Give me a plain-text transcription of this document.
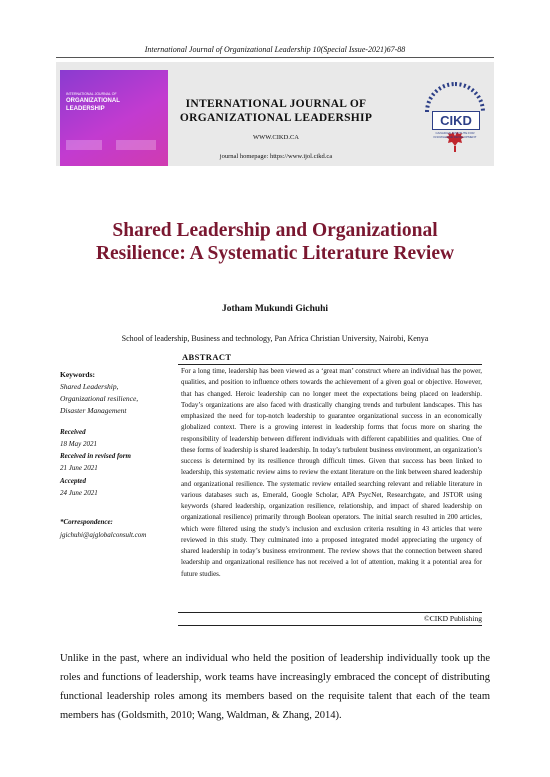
International Journal of Organizational Leadership 10(Special Issue-2021)67-88
INTERNATIONAL JOURNAL OF
ORGANIZATIONAL
LEADERSHIP	INTERNATIONAL JOURNAL OF
ORGANIZATIONAL LEADERSHIP
WWW.CIKD.CA
journal homepage: https://www.ijol.cikd.ca
CIKD
CANADIAN INSTITUTE FOR KNOWLEDGE DEVELOPMENT
Shared Leadership and Organizational
Resilience: A Systematic Literature Review
Jotham Mukundi Gichuhi
School of leadership, Business and technology, Pan Africa Christian University, Nairobi, Kenya
ABSTRACT
Keywords:
Shared Leadership,
Organizational resilience,
Disaster Management
Received
18 May 2021
Received in revised form
21 June 2021
Accepted
24 June 2021
*Correspondence:
jgichuhi@ajglobalconsult.com
For a long time, leadership has been viewed as a ‘great man’ construct where an individual has the power, qualities, and position to influence others towards the achievement of a given goal or objective. However, that has changed. Heroic leadership can no longer meet the expectations being placed on leadership. Today’s organizations are also faced with drastically changing trends and turbulent landscapes. This has emphasized the need for top-notch leadership to guarantee organizational success in an economically globalized context. There is a growing interest in leadership forms that focus more on sharing the responsibility of leadership between different individuals with different capabilities and qualities. One of these forms of leadership is shared leadership. In today’s turbulent business environment, an organization’s success is determined by its resilience through difficult times. Given that success has been linked to leadership, this systematic review aims to review the extant literature on the link between shared leadership and organizational resilience. The systematic review entailed searching relevant and reliable literature in various databases such as, Emerald, Google Scholar, APA PsycNet, Researchgate, and JSTOR using keywords (shared leadership, organization resilience, relationship, and impact of shared leadership on organizational resilience) primarily through Boolean operators. The initial search resulted in 200 articles, which were filtered using the study’s inclusion and exclusion criteria resulting in 43 articles that were reviewed in this study. They culminated into a proposed integrated model appreciating the urgency of shared leadership in today’s business environment. The review shows that the connection between shared leadership and organizational resilience has not received a lot of attention, making it a potential area for future studies.
©CIKD Publishing
Unlike in the past, where an individual who held the position of leadership individually took up the roles and functions of leadership, work teams have increasingly embraced the concept of distributing functional leadership roles among its members based on the requisite talent that each of the team members has (Goldsmith, 2010; Wang, Waldman, & Zhang, 2014).
